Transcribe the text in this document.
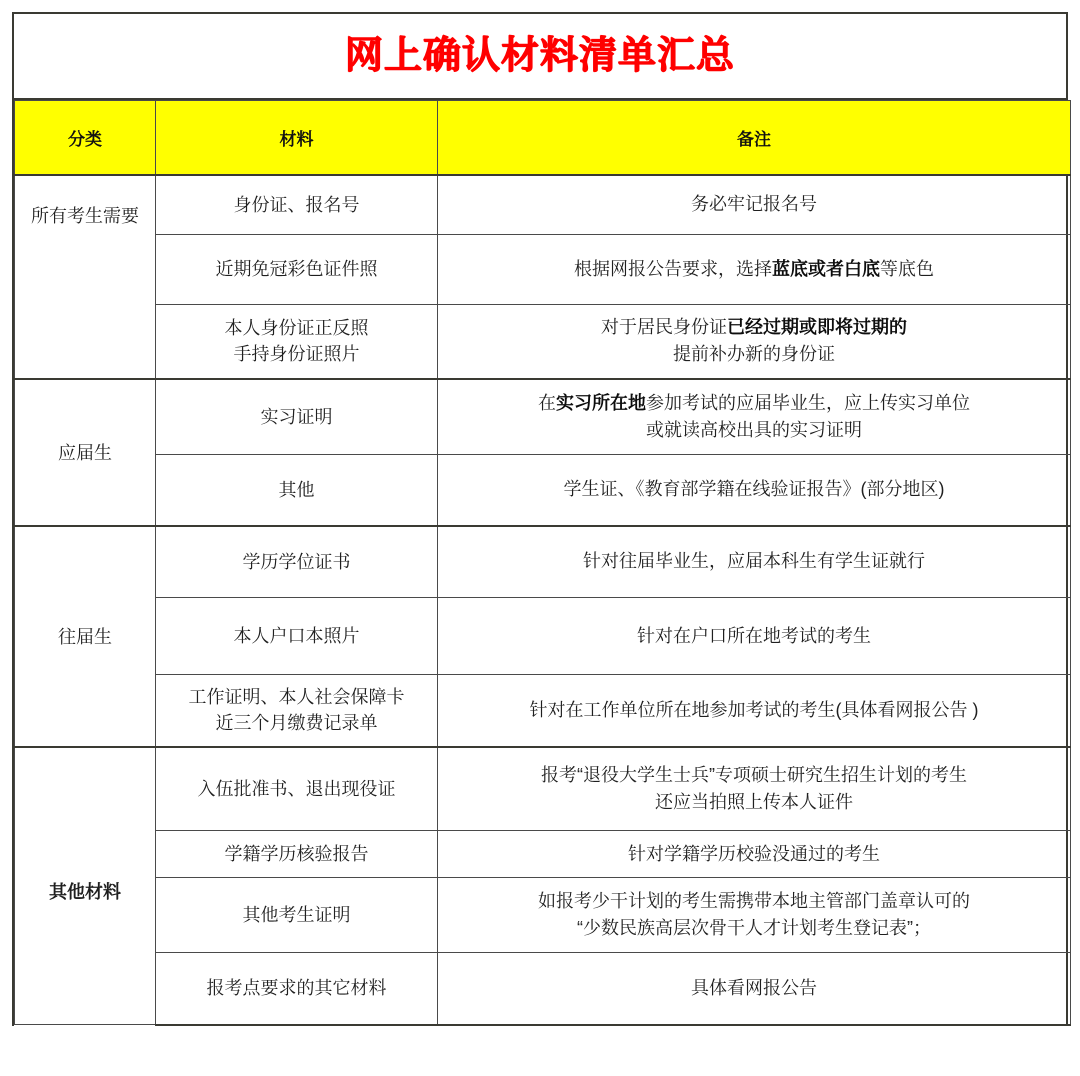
网上确认材料清单汇总
分类	材料	备注
所有考生需要	身份证、报名号	务必牢记报名号

	近期免冠彩色证件照	根据网报公告要求，选择蓝底或者白底等底色

	本人身份证正反照
手持身份证照片	对于居民身份证已经过期或即将过期的
提前补办新的身份证

应届生	实习证明	在实习所在地参加考试的应届毕业生，应上传实习单位
或就读高校出具的实习证明

	其他	学生证、《教育部学籍在线验证报告》(部分地区)

往届生	学历学位证书	针对往届毕业生，应届本科生有学生证就行

	本人户口本照片	针对在户口所在地考试的考生

	工作证明、本人社会保障卡
近三个月缴费记录单	针对在工作单位所在地参加考试的考生(具体看网报公告 )

其他材料	入伍批准书、退出现役证	报考“退役大学生士兵”专项硕士研究生招生计划的考生
还应当拍照上传本人证件

	学籍学历核验报告	针对学籍学历校验没通过的考生

	其他考生证明	如报考少干计划的考生需携带本地主管部门盖章认可的
“少数民族高层次骨干人才计划考生登记表”；

	报考点要求的其它材料	具体看网报公告
